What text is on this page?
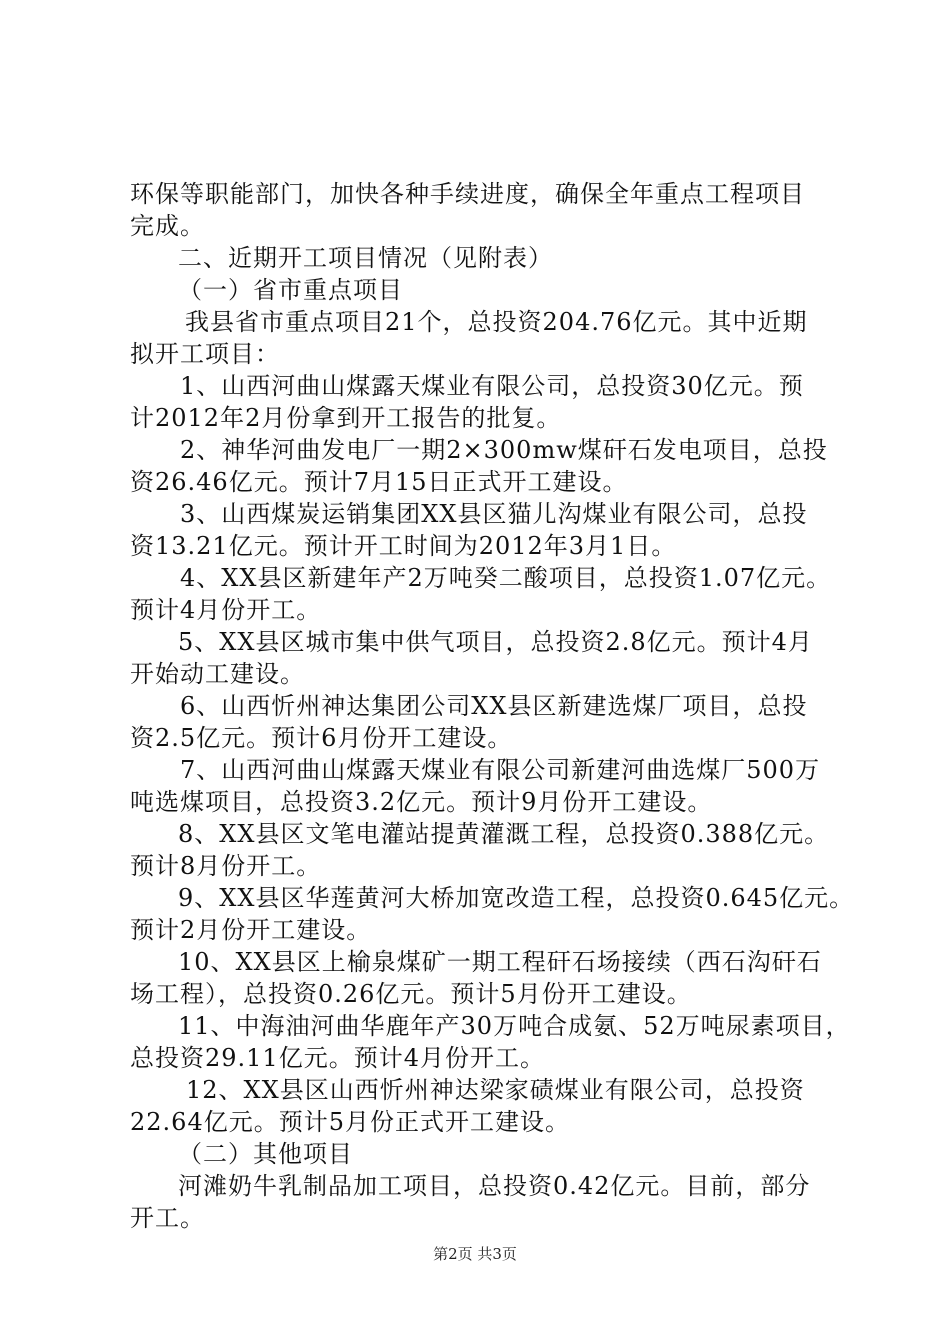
环保等职能部门，加快各种手续进度，确保全年重点工程项目
完成。
二、近期开工项目情况（见附表）
（一）省市重点项目
我县省市重点项目21个，总投资204.76亿元。其中近期
拟开工项目：
1、山西河曲山煤露天煤业有限公司，总投资30亿元。预
计2012年2月份拿到开工报告的批复。
2、神华河曲发电厂一期2×300mw煤矸石发电项目，总投
资26.46亿元。预计7月15日正式开工建设。
3、山西煤炭运销集团XX县区猫儿沟煤业有限公司，总投
资13.21亿元。预计开工时间为2012年3月1日。
4、XX县区新建年产2万吨癸二酸项目，总投资1.07亿元。
预计4月份开工。
5、XX县区城市集中供气项目，总投资2.8亿元。预计4月
开始动工建设。
6、山西忻州神达集团公司XX县区新建选煤厂项目，总投
资2.5亿元。预计6月份开工建设。
7、山西河曲山煤露天煤业有限公司新建河曲选煤厂500万
吨选煤项目，总投资3.2亿元。预计9月份开工建设。
8、XX县区文笔电灌站提黄灌溉工程，总投资0.388亿元。
预计8月份开工。
9、XX县区华莲黄河大桥加宽改造工程，总投资0.645亿元。
预计2月份开工建设。
10、XX县区上榆泉煤矿一期工程矸石场接续（西石沟矸石
场工程），总投资0.26亿元。预计5月份开工建设。
11、中海油河曲华鹿年产30万吨合成氨、52万吨尿素项目，
总投资29.11亿元。预计4月份开工。
12、XX县区山西忻州神达梁家碛煤业有限公司，总投资
22.64亿元。预计5月份正式开工建设。
（二）其他项目
河滩奶牛乳制品加工项目，总投资0.42亿元。目前，部分
开工。
第2页 共3页
